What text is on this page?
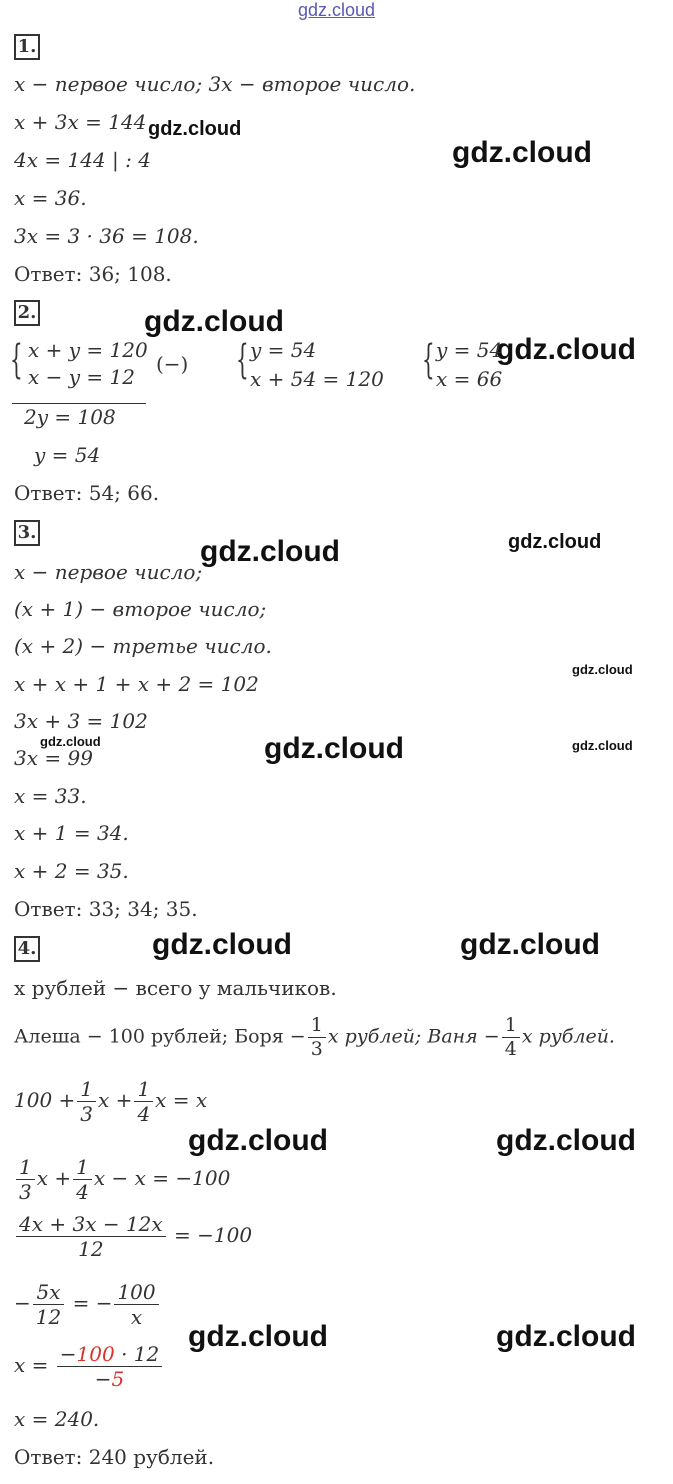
gdz.cloud
gdz.cloud
gdz.cloud
gdz.cloud
gdz.cloud
gdz.cloud	gdz.cloud
gdz.cloud
gdz.cloud	gdz.cloud	gdz.cloud
gdz.cloud	gdz.cloud
gdz.cloud	gdz.cloud
gdz.cloud	gdz.cloud
1.
x − первое число; 3x − второе число.
x + 3x = 144
4x = 144 | : 4
x = 36.
3x = 3 · 36 = 108.
Ответ: 36; 108.
2.
{ x + y = 120
x − y = 12
(−) { y = 54
x + 54 = 120 { y = 54
x = 66
2y = 108
y = 54
Ответ: 54; 66.
3.
x − первое число;
(x + 1) − второе число;
(x + 2) − третье число.
x + x + 1 + x + 2 = 102
3x + 3 = 102
3x = 99
x = 33.
x + 1 = 34.
x + 2 = 35.
Ответ: 33; 34; 35.
4.
x рублей − всего у мальчиков.
Алеша − 100 рублей; Боря − $\frac{1}{3}$ x рублей; Ваня − $\frac{1}{4}$ x рублей.
$100 + \frac{1}{3}$ $x + \frac{1}{4}$ x = x
$\frac{1}{3}$ $x + \frac{1}{4}$ x − x = −100
$\frac{4x + 3x - 12x}{12} = -100$
− $\frac{5x}{12}$ = − $\frac{100}{x}$
$x = \frac{-100 \cdot 12}{-5}$
x = 240.
Ответ: 240 рублей.
